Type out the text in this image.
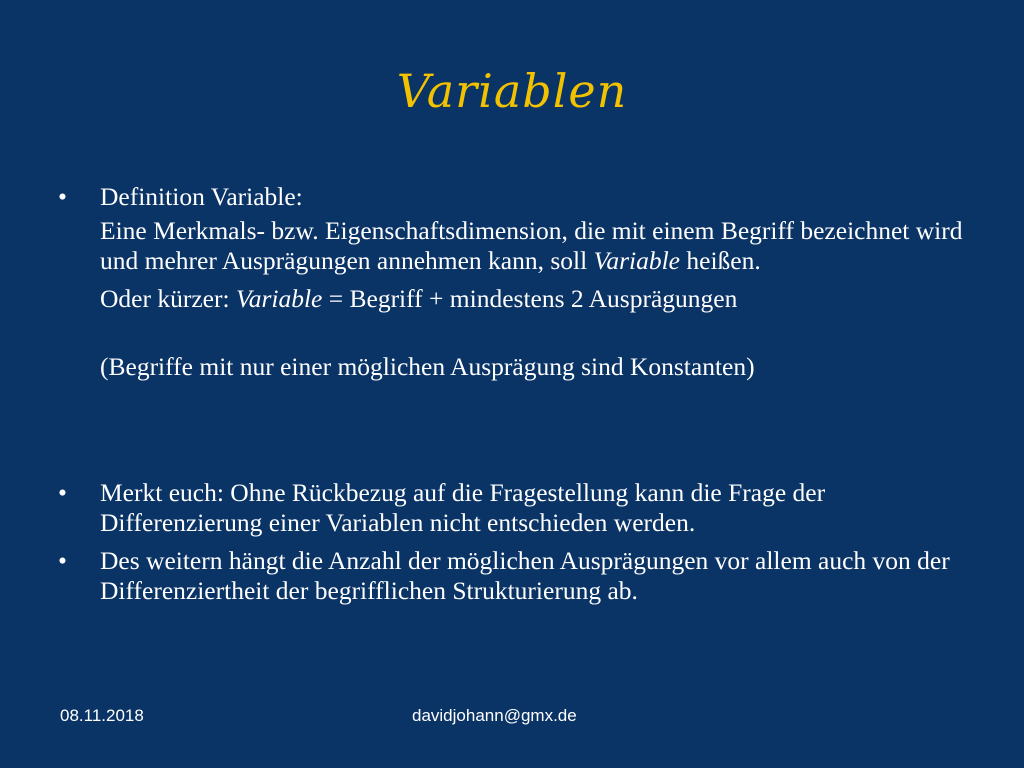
Variablen
•	Definition Variable:
Eine Merkmals- bzw. Eigenschaftsdimension, die mit einem Begriff bezeichnet wird und mehrer Ausprägungen annehmen kann, soll Variable heißen.
Oder kürzer: Variable = Begriff + mindestens 2 Ausprägungen
(Begriffe mit nur einer möglichen Ausprägung sind Konstanten)
•	Merkt euch: Ohne Rückbezug auf die Fragestellung kann die Frage der Differenzierung einer Variablen nicht entschieden werden.
•	Des weitern hängt die Anzahl der möglichen Ausprägungen vor allem auch von der Differenziertheit der begrifflichen Strukturierung ab.
08.11.2018	davidjohann@gmx.de
